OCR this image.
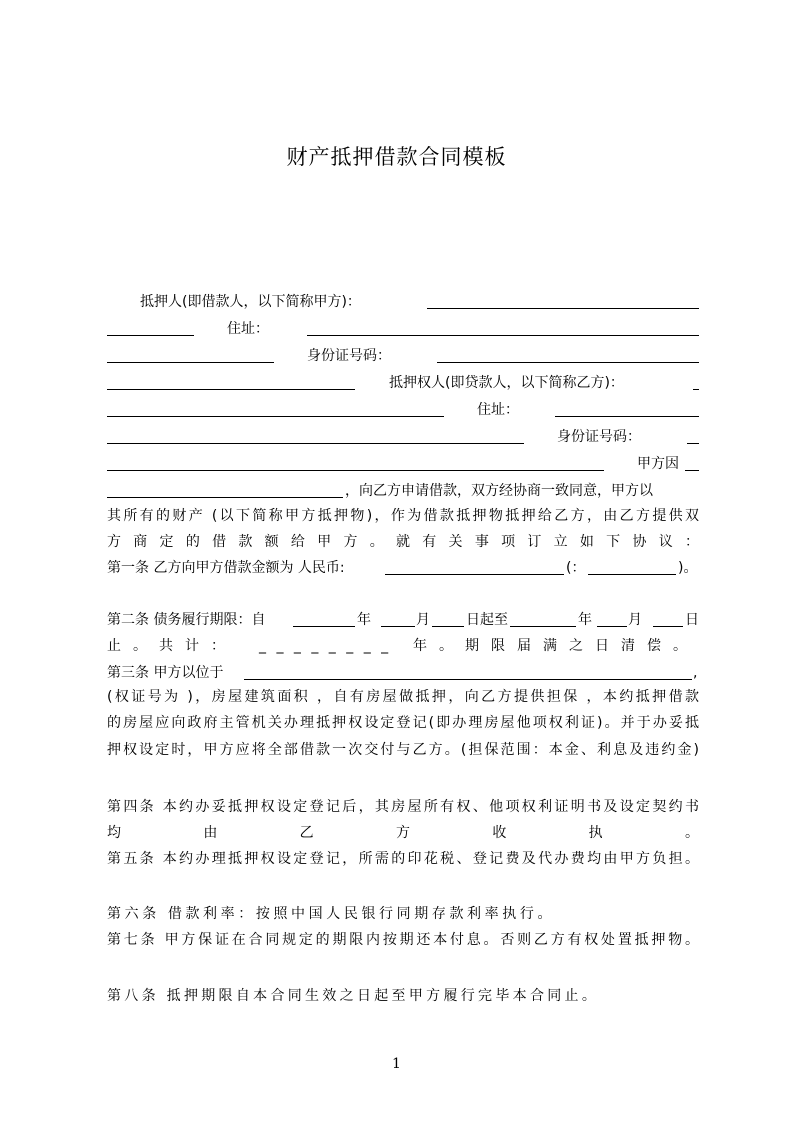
财产抵押借款合同模板
抵押人(即借款人，以下简称甲方)：
住址：
身份证号码：
抵押权人(即贷款人，以下简称乙方)：
住址：
身份证号码：
甲方因
，向乙方申请借款，双方经协商一致同意，甲方以
其所有的财产 (以下简称甲方抵押物)，作为借款抵押物抵押给乙方，由乙方提供双
方商定的借款额给甲方。就有关事项订立如下协议：
第一条 乙方向甲方借款金额为 人民币:	(：	)。
第二条 债务履行期限：自	年	月	日起至	年	月	日
止。共计： _ _ _ _ _ _ _ _ 年。期限届满之日清偿。
第三条 甲方以位于	,
(权证号为 )，房屋建筑面积 ，自有房屋做抵押，向乙方提供担保 ，本约抵押借款
的房屋应向政府主管机关办理抵押权设定登记(即办理房屋他项权利证)。并于办妥抵
押权设定时，甲方应将全部借款一次交付与乙方。(担保范围：本金、利息及违约金)
第四条 本约办妥抵押权设定登记后，其房屋所有权、他项权利证明书及设定契约书
均由乙方收执。
第五条 本约办理抵押权设定登记，所需的印花税、登记费及代办费均由甲方负担。
第六条 借款利率：按照中国人民银行同期存款利率执行。
第七条 甲方保证在合同规定的期限内按期还本付息。否则乙方有权处置抵押物。
第八条 抵押期限自本合同生效之日起至甲方履行完毕本合同止。
1
